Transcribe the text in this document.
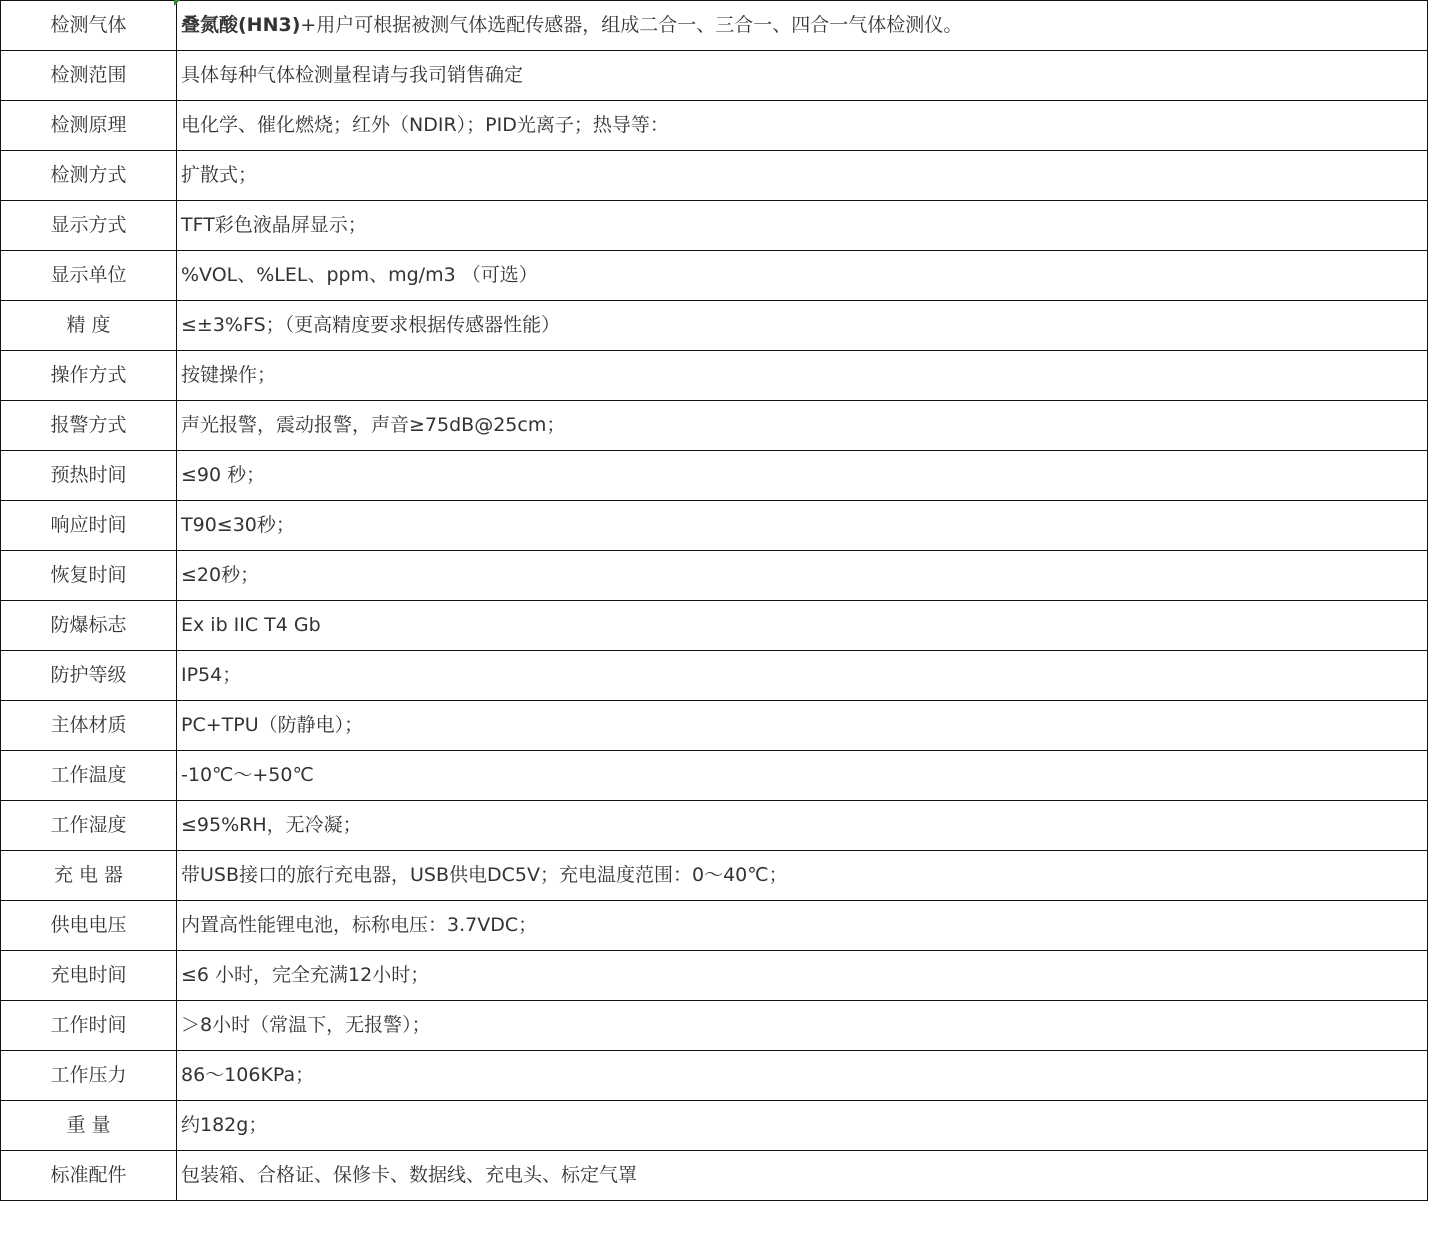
检测气体	叠氮酸(HN3)+用户可根据被测气体选配传感器，组成二合一、三合一、四合一气体检测仪。
检测范围	具体每种气体检测量程请与我司销售确定
检测原理	电化学、催化燃烧；红外（NDIR）；PID光离子；热导等：
检测方式	扩散式；
显示方式	TFT彩色液晶屏显示；
显示单位	%VOL、%LEL、ppm、mg/m3 （可选）
精 度	≤±3%FS；（更高精度要求根据传感器性能）
操作方式	按键操作；
报警方式	声光报警，震动报警，声音≥75dB@25cm；
预热时间	≤90 秒；
响应时间	T90≤30秒；
恢复时间	≤20秒；
防爆标志	Ex ib IIC T4 Gb
防护等级	IP54；
主体材质	PC+TPU（防静电）；
工作温度	-10℃～+50℃
工作湿度	≤95%RH，无冷凝；
充 电 器	带USB接口的旅行充电器，USB供电DC5V；充电温度范围：0～40℃；
供电电压	内置高性能锂电池，标称电压：3.7VDC；
充电时间	≤6 小时，完全充满12小时；
工作时间	＞8小时（常温下，无报警）；
工作压力	86～106KPa；
重 量	约182g；
标准配件	包装箱、合格证、保修卡、数据线、充电头、标定气罩
